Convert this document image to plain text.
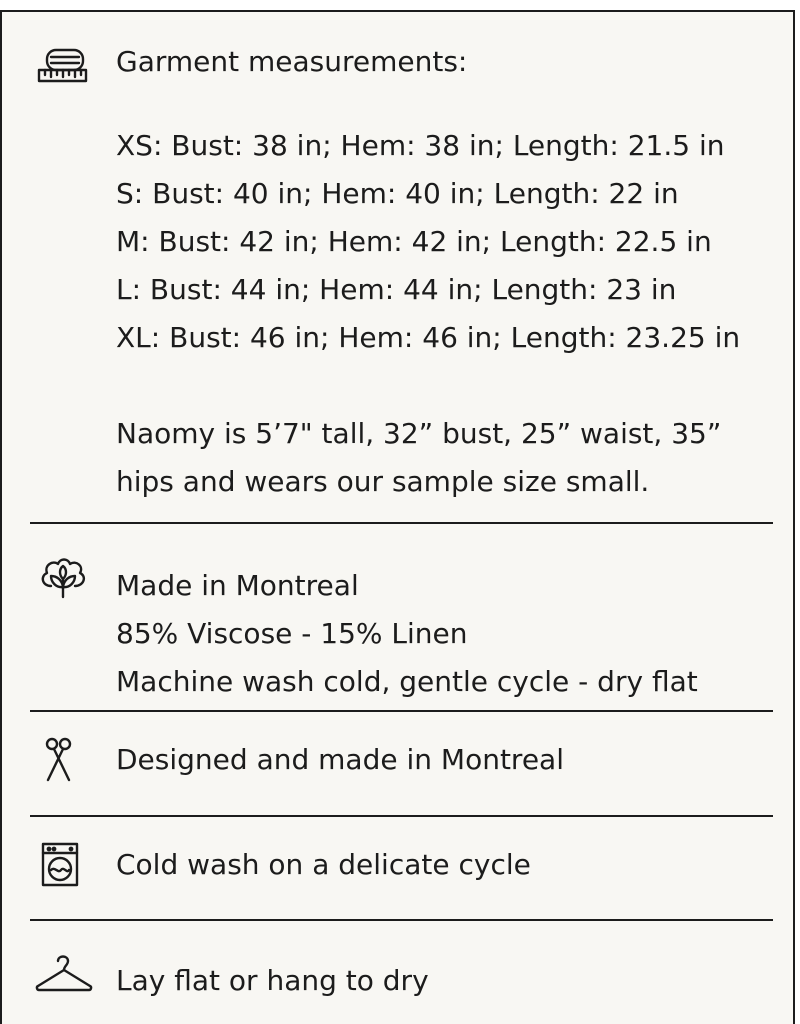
Garment measurements:
XS: Bust: 38 in; Hem: 38 in; Length: 21.5 in
S: Bust: 40 in; Hem: 40 in; Length: 22 in
M: Bust: 42 in; Hem: 42 in; Length: 22.5 in
L: Bust: 44 in; Hem: 44 in; Length: 23 in
XL: Bust: 46 in; Hem: 46 in; Length: 23.25 in
Naomy is 5’7" tall, 32” bust, 25” waist, 35”
hips and wears our sample size small.
Made in Montreal
85% Viscose - 15% Linen
Machine wash cold, gentle cycle - dry flat
Designed and made in Montreal
Cold wash on a delicate cycle
Lay flat or hang to dry
